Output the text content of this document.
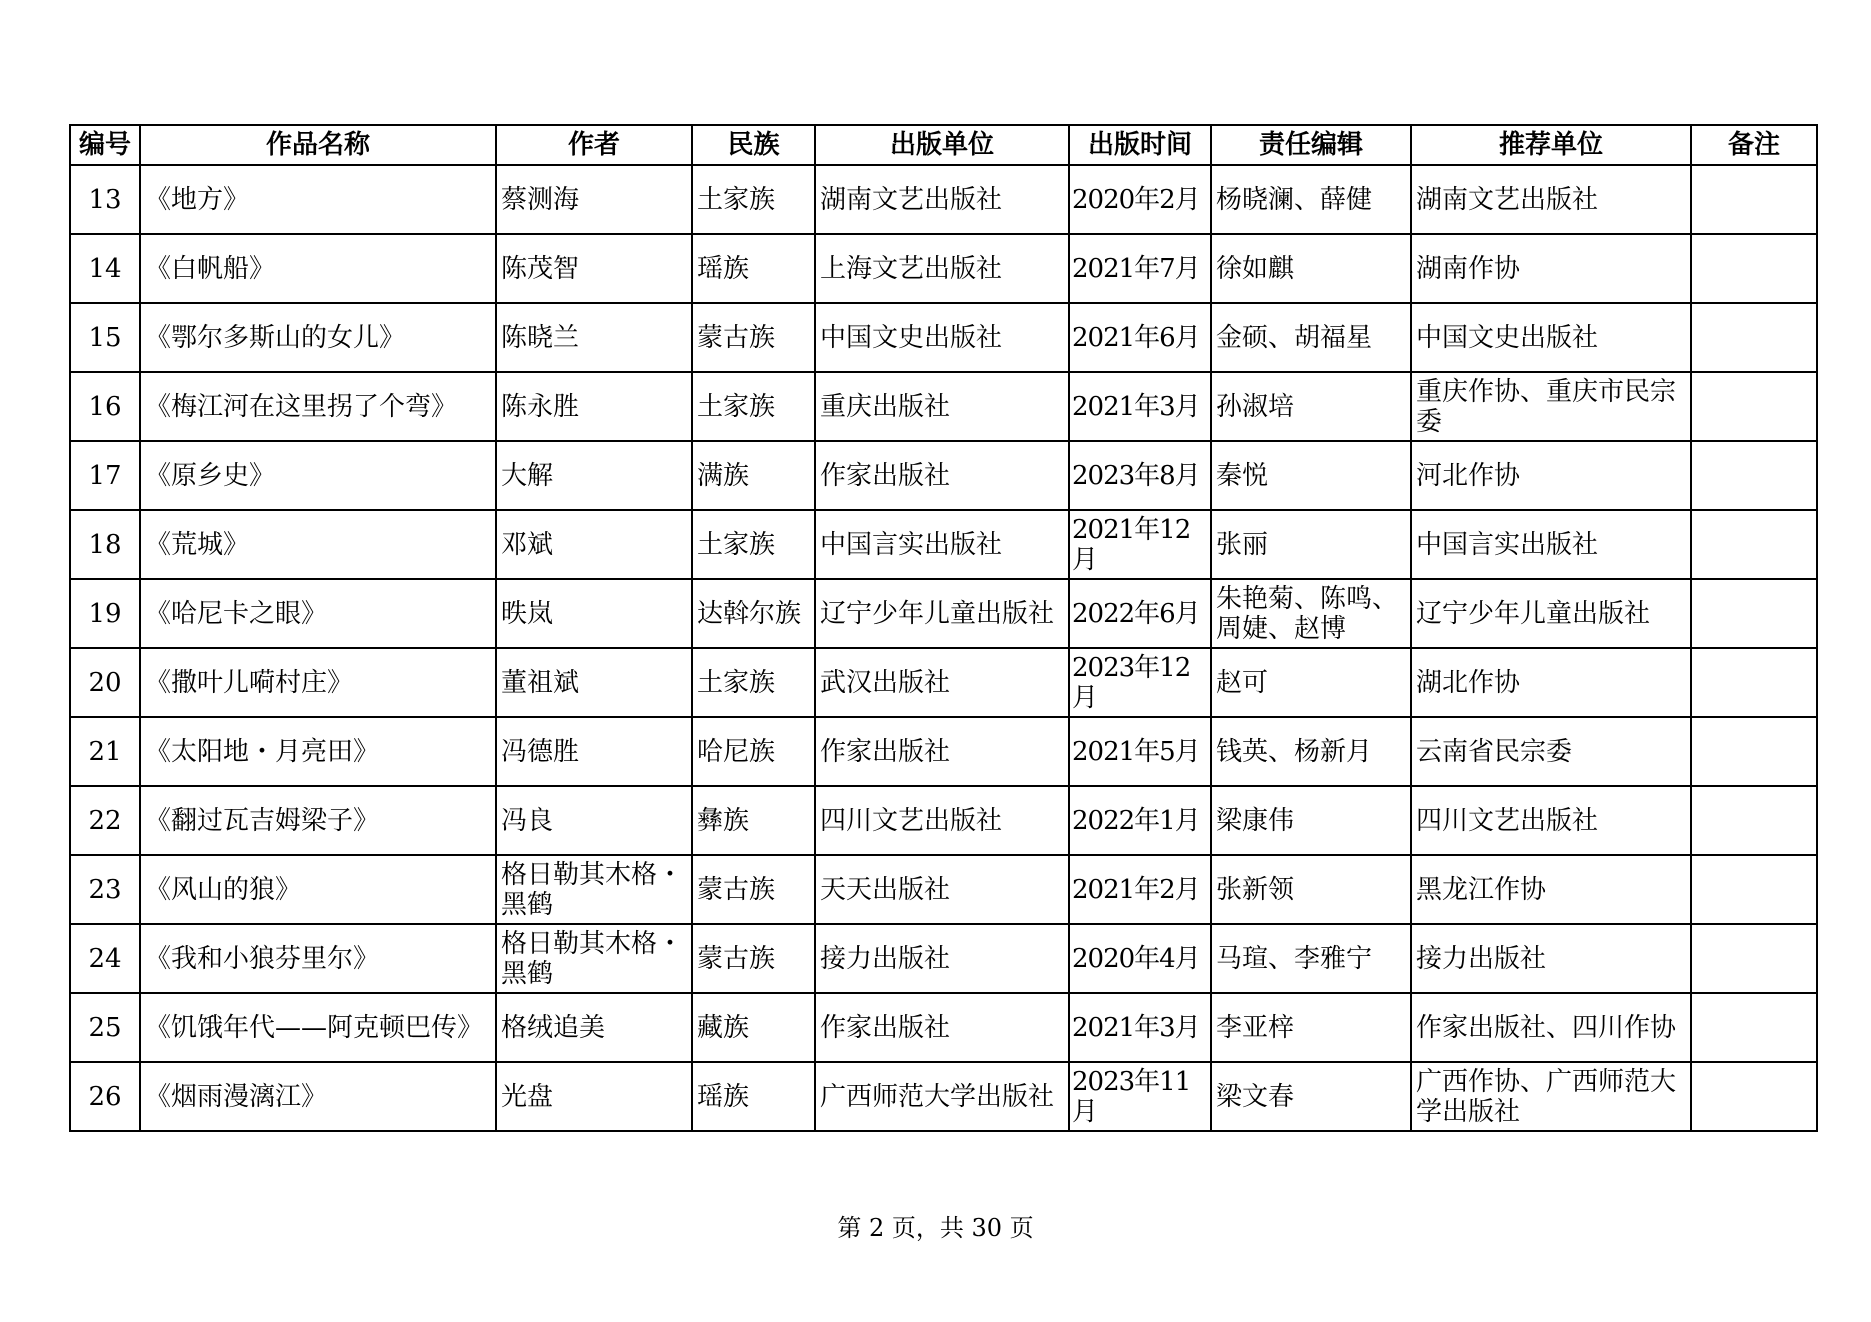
编号	作品名称	作者	民族	出版单位	出版时间	责任编辑	推荐单位	备注
13	《地方》	蔡测海	土家族	湖南文艺出版社	2020年2月	杨晓澜、薛健	湖南文艺出版社	
14	《白帆船》	陈茂智	瑶族	上海文艺出版社	2021年7月	徐如麒	湖南作协	
15	《鄂尔多斯山的女儿》	陈晓兰	蒙古族	中国文史出版社	2021年6月	金硕、胡福星	中国文史出版社	
16	《梅江河在这里拐了个弯》	陈永胜	土家族	重庆出版社	2021年3月	孙淑培	重庆作协、重庆市民宗委	
17	《原乡史》	大解	满族	作家出版社	2023年8月	秦悦	河北作协	
18	《荒城》	邓斌	土家族	中国言实出版社	2021年12月	张丽	中国言实出版社	
19	《哈尼卡之眼》	昳岚	达斡尔族	辽宁少年儿童出版社	2022年6月	朱艳菊、陈鸣、周婕、赵博	辽宁少年儿童出版社	
20	《撒叶儿嗬村庄》	董祖斌	土家族	武汉出版社	2023年12月	赵可	湖北作协	
21	《太阳地・月亮田》	冯德胜	哈尼族	作家出版社	2021年5月	钱英、杨新月	云南省民宗委	
22	《翻过瓦吉姆梁子》	冯良	彝族	四川文艺出版社	2022年1月	梁康伟	四川文艺出版社	
23	《风山的狼》	格日勒其木格・黑鹤	蒙古族	天天出版社	2021年2月	张新领	黑龙江作协	
24	《我和小狼芬里尔》	格日勒其木格・黑鹤	蒙古族	接力出版社	2020年4月	马瑄、李雅宁	接力出版社	
25	《饥饿年代——阿克顿巴传》	格绒追美	藏族	作家出版社	2021年3月	李亚梓	作家出版社、四川作协	
26	《烟雨漫漓江》	光盘	瑶族	广西师范大学出版社	2023年11月	梁文春	广西作协、广西师范大学出版社	
第 2 页，共 30 页
